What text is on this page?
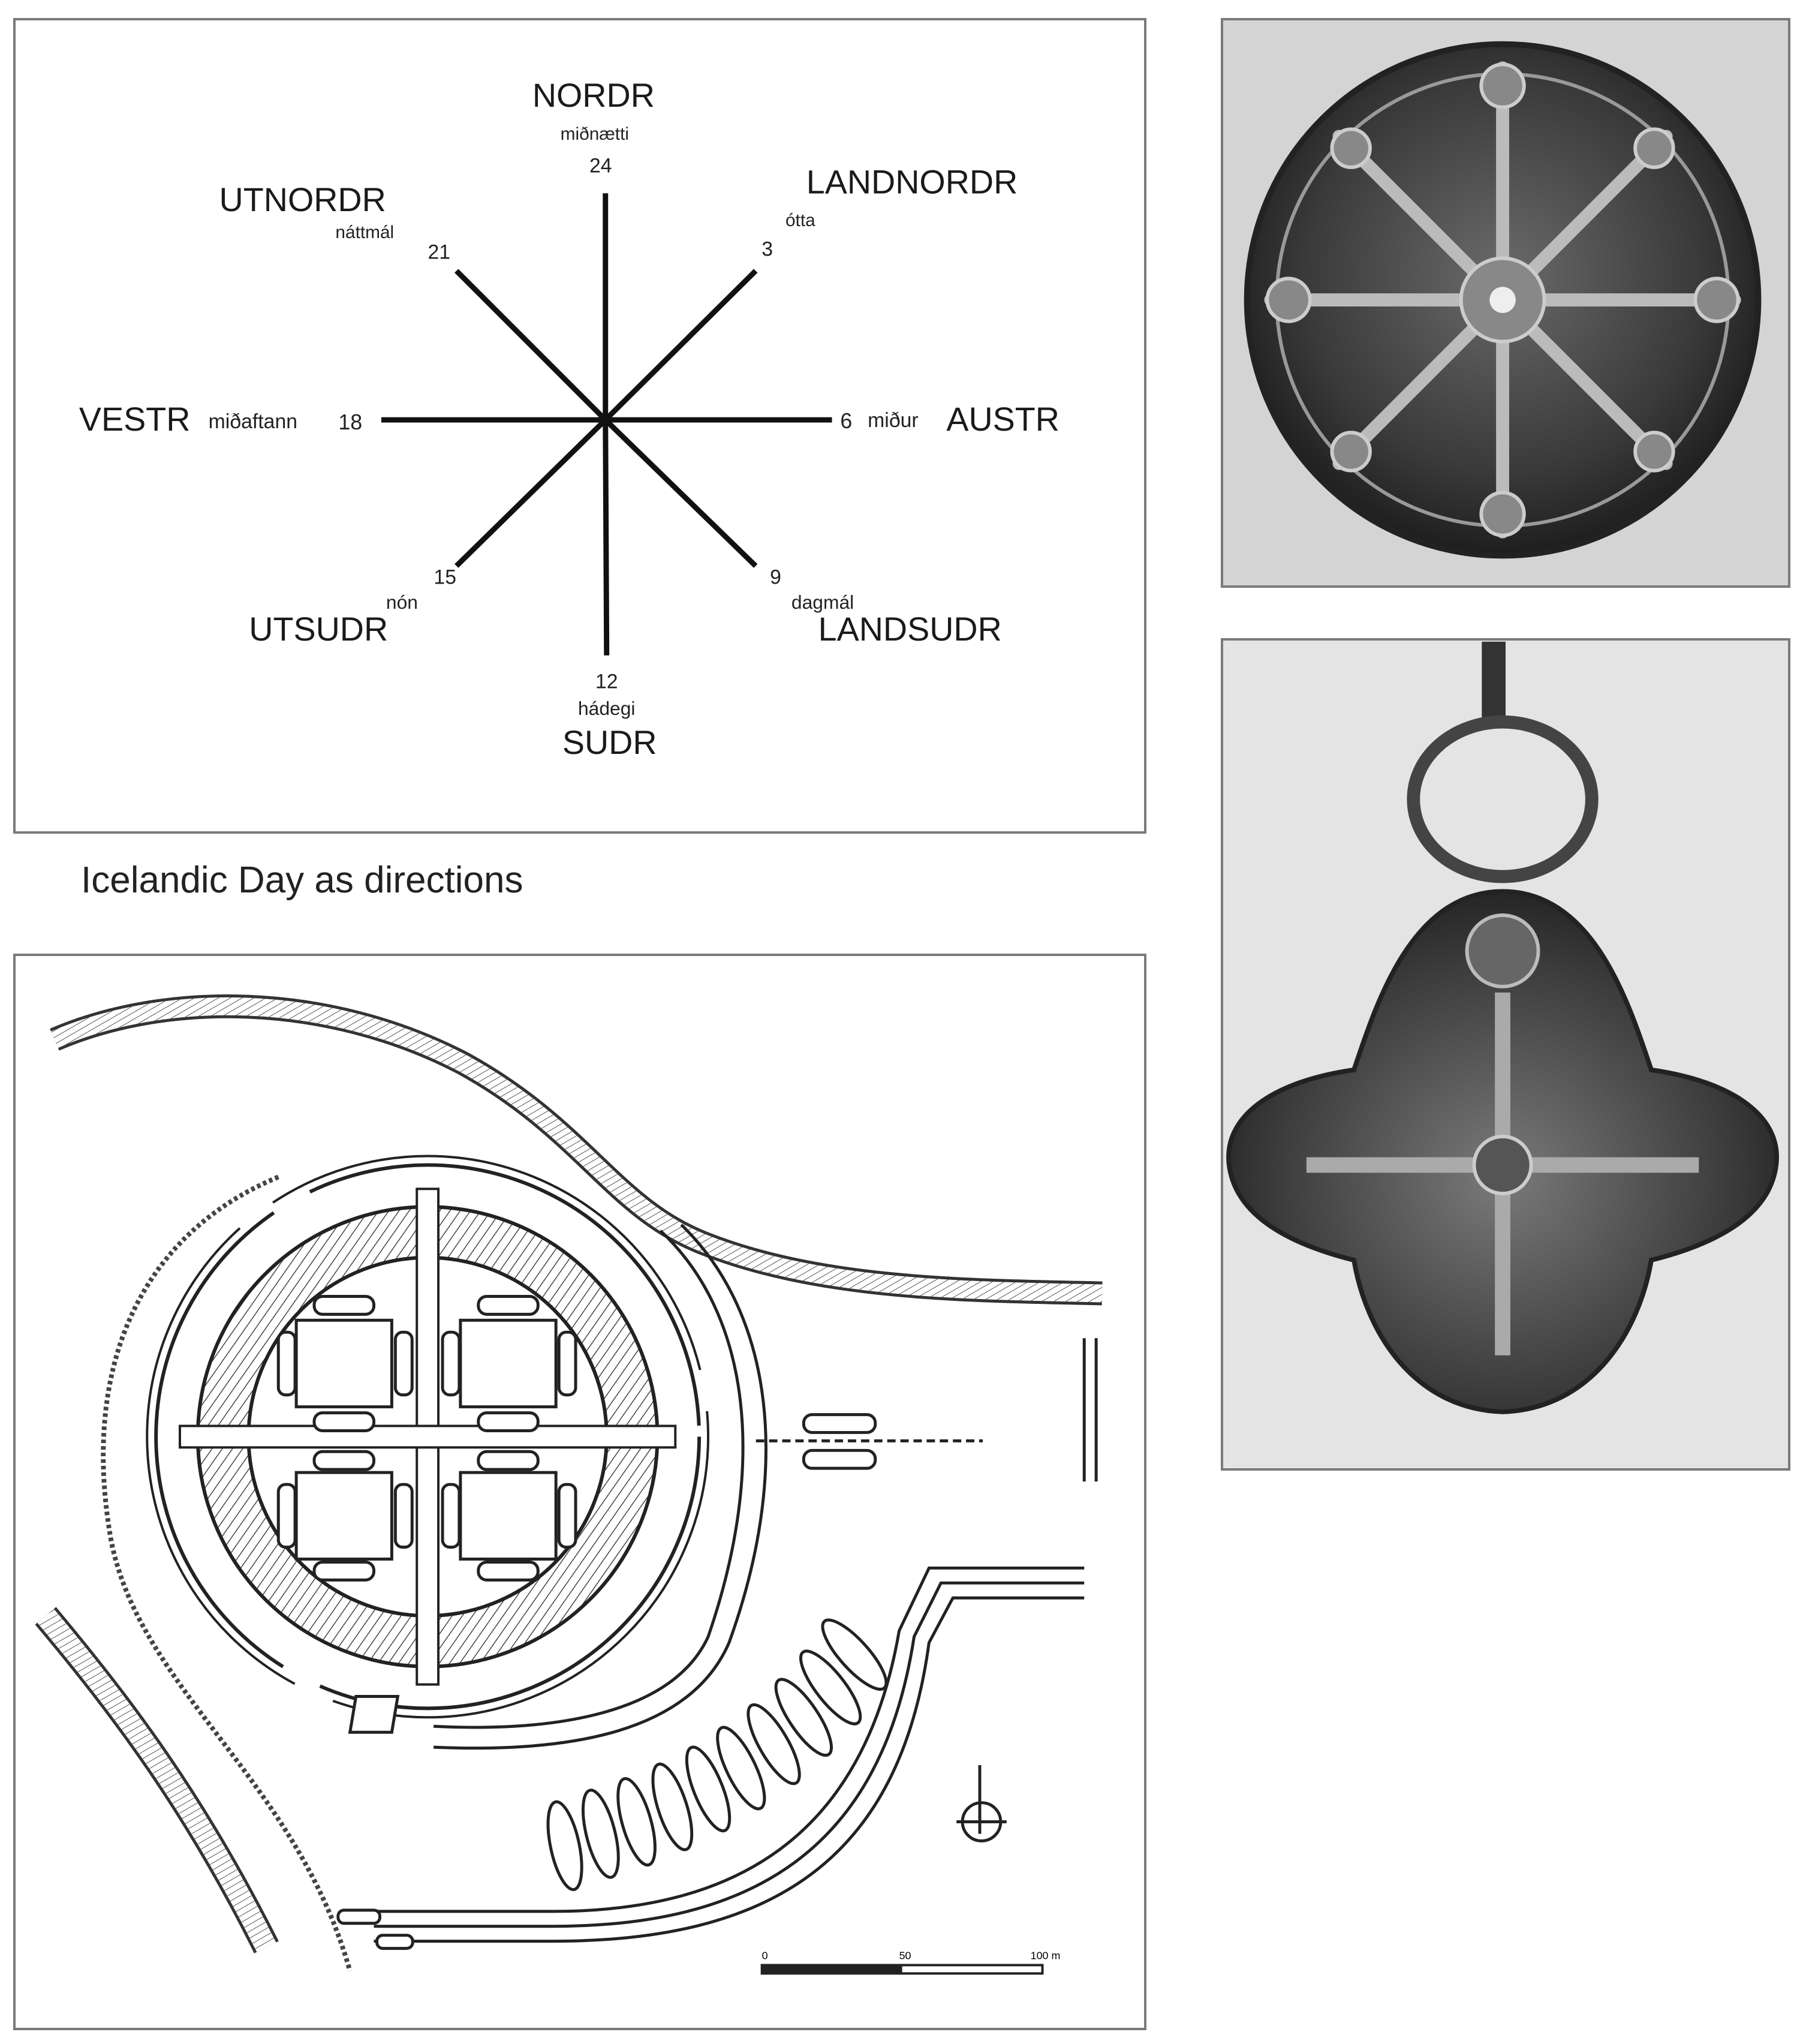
NORDR
miðnætti
24	LANDNORDR
ótta
3
6 miður AUSTR
9
dagmál
LANDSUDR
12
hádegi
SUDR
15
nón
UTSUDR
VESTR miðaftann 18
UTNORDR
náttmál
21
Icelandic Day as directions
0	50	100 m
